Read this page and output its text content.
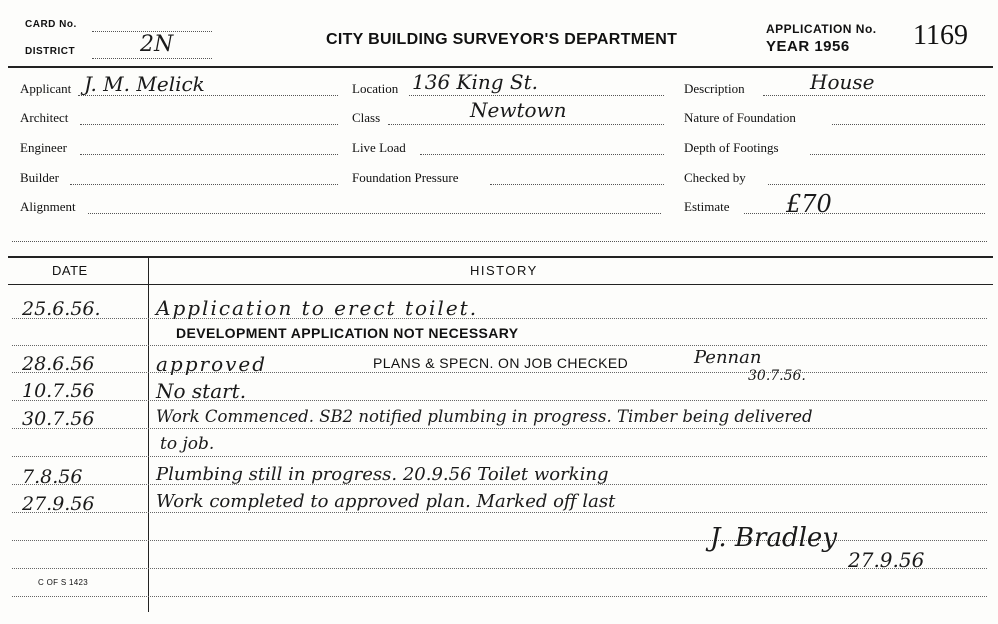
CARD No.
DISTRICT	2N	CITY BUILDING SURVEYOR'S DEPARTMENT
APPLICATION No.
YEAR 1956 1169
Applicant J. M. Melick
Architect
Engineer
Builder
Alignment
Location 136 King St.
Class	Newtown
Live Load
Foundation Pressure
Description	House
Nature of Foundation
Depth of Footings
Checked by
Estimate £70
DATE	HISTORY
25.6.56.	Application to erect toilet.
DEVELOPMENT APPLICATION NOT NECESSARY
28.6.56	approved	PLANS & SPECN. ON JOB CHECKED	Pennan
30.7.56.
10.7.56	No start.
30.7.56	Work Commenced. SB2 notified plumbing in progress. Timber being delivered
to job.
7.8.56	Plumbing still in progress. 20.9.56 Toilet working
27.9.56	Work completed to approved plan. Marked off last
J. Bradley
27.9.56
C OF S 1423
